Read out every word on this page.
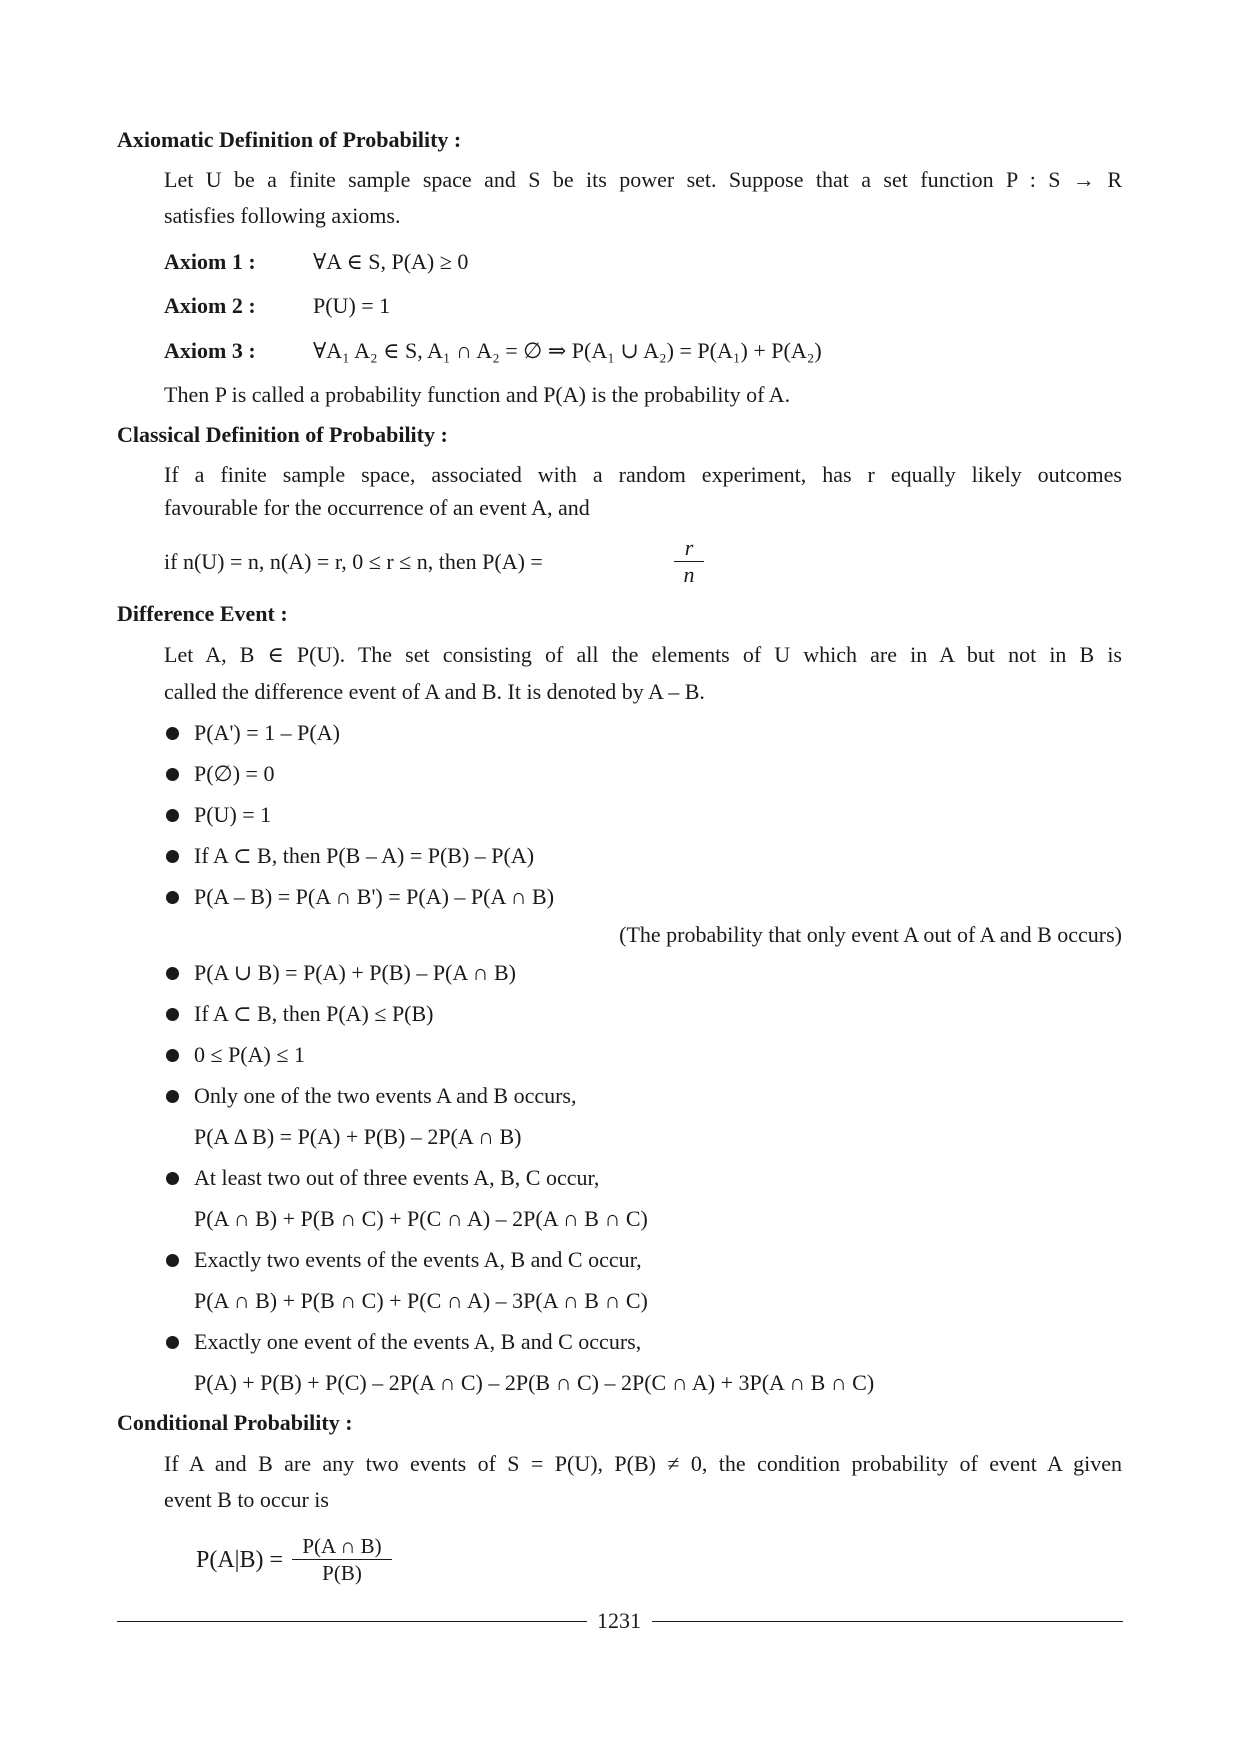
Axiomatic Definition of Probability :
Let U be a finite sample space and S be its power set. Suppose that a set function P : S → R
satisfies following axioms.
Axiom 1 :	∀A ∈ S, P(A) ≥ 0
Axiom 2 :	P(U) = 1
Axiom 3 :	∀A₁ A₂ ∈ S, A₁ ∩ A₂ = ∅ ⇒ P(A₁ ∪ A₂) = P(A₁) + P(A₂)
Then P is called a probability function and P(A) is the probability of A.
Classical Definition of Probability :
If a finite sample space, associated with a random experiment, has r equally likely outcomes
favourable for the occurrence of an event A, and
if n(U) = n, n(A) = r, 0 ≤ r ≤ n, then P(A) =	$\frac{r}{n}$
Difference Event :
Let A, B ∈ P(U). The set consisting of all the elements of U which are in A but not in B is
called the difference event of A and B. It is denoted by A – B.
P(A') = 1 – P(A)
P(∅) = 0
P(U) = 1
If A ⊂ B, then P(B – A) = P(B) – P(A)
P(A – B) = P(A ∩ B') = P(A) – P(A ∩ B)
(The probability that only event A out of A and B occurs)
P(A ∪ B) = P(A) + P(B) – P(A ∩ B)
If A ⊂ B, then P(A) ≤ P(B)
0 ≤ P(A) ≤ 1
Only one of the two events A and B occurs,
P(A Δ B) = P(A) + P(B) – 2P(A ∩ B)
At least two out of three events A, B, C occur,
P(A ∩ B) + P(B ∩ C) + P(C ∩ A) – 2P(A ∩ B ∩ C)
Exactly two events of the events A, B and C occur,
P(A ∩ B) + P(B ∩ C) + P(C ∩ A) – 3P(A ∩ B ∩ C)
Exactly one event of the events A, B and C occurs,
P(A) + P(B) + P(C) – 2P(A ∩ C) – 2P(B ∩ C) – 2P(C ∩ A) + 3P(A ∩ B ∩ C)
Conditional Probability :
If A and B are any two events of S = P(U), P(B) ≠ 0, the condition probability of event A given
event B to occur is
$P(A|B) = \frac{P(A \cap B)}{P(B)}$
1231
